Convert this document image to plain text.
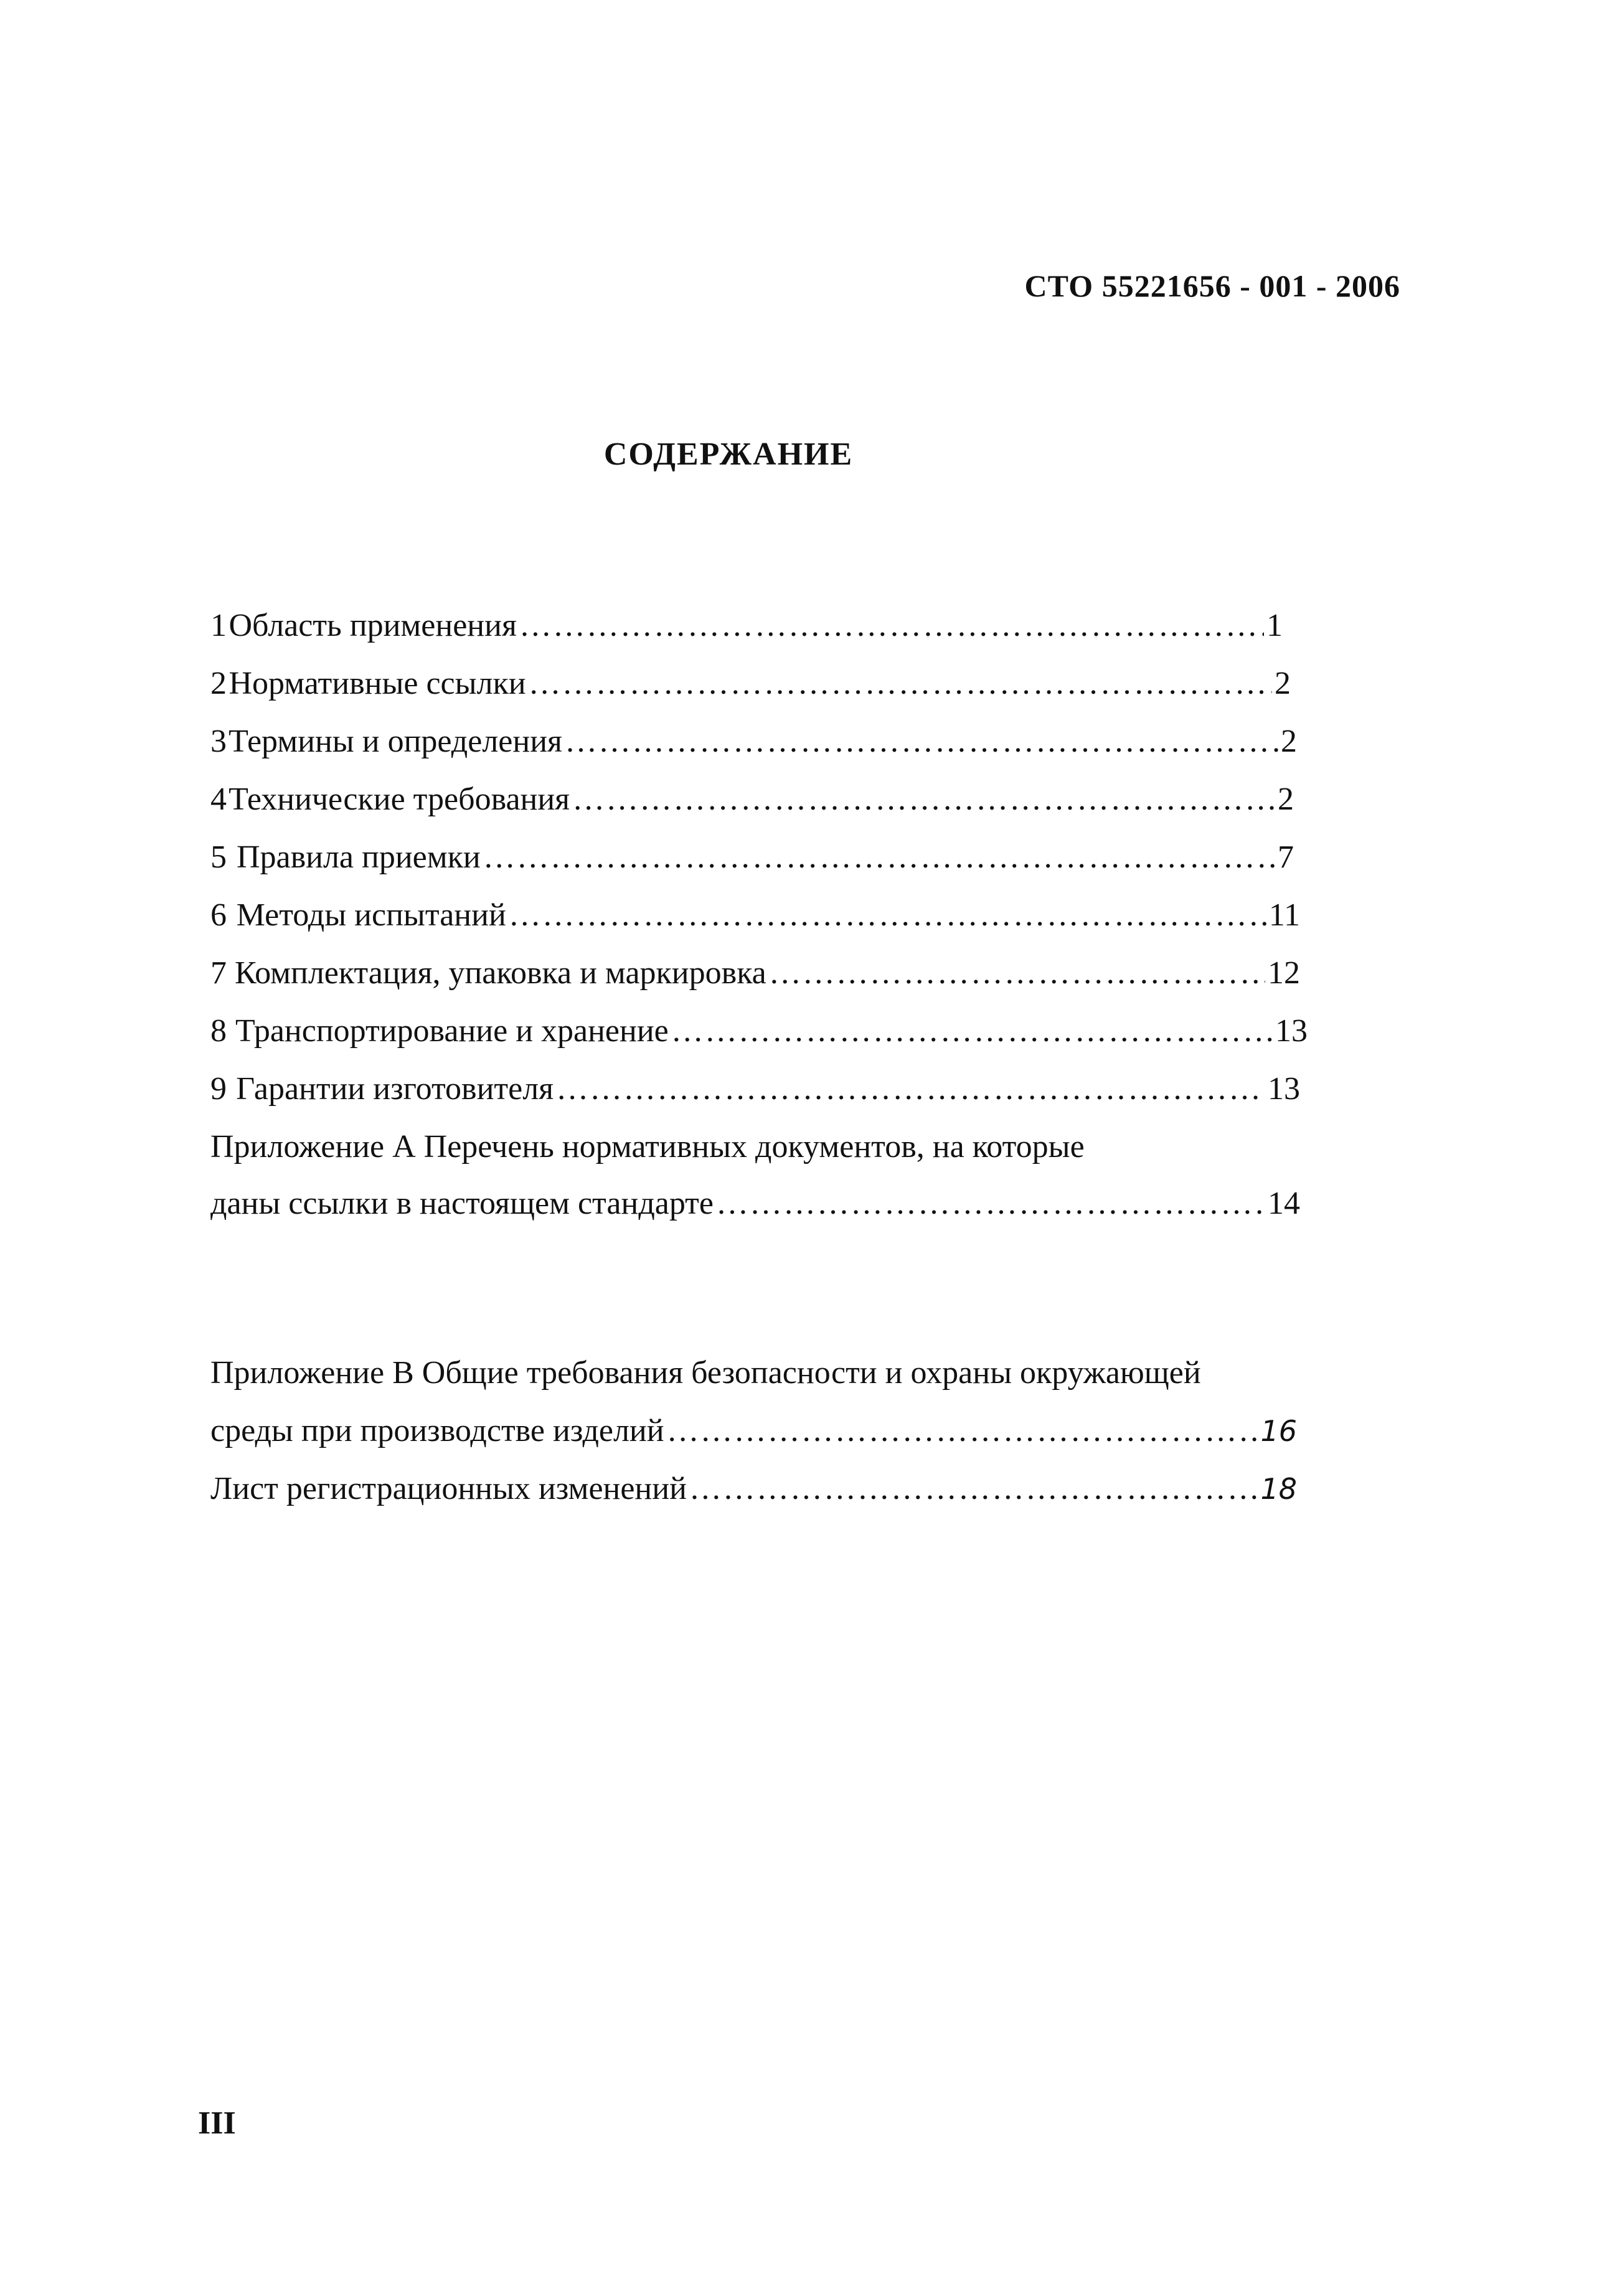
СТО 55221656 - 001 - 2006
СОДЕРЖАНИЕ
1 Область применения ……………………………………………………………………………………………………………………………………………………………………………………………………………	1
2 Нормативные ссылки ……………………………………………………………………………………………………………………………………………………………………………………………………………	2
3 Термины и определения ……………………………………………………………………………………………………………………………………………………………………………………………………………	2
4 Технические требования ……………………………………………………………………………………………………………………………………………………………………………………………………………	2
5 Правила приемки ……………………………………………………………………………………………………………………………………………………………………………………………………………	7
6 Методы испытаний ……………………………………………………………………………………………………………………………………………………………………………………………………………	11
7 Комплектация, упаковка и маркировка ……………………………………………………………………………………………………………………………………………………………………………………………………………	12
8 Транспортирование и хранение ……………………………………………………………………………………………………………………………………………………………………………………………………………	13
9 Гарантии изготовителя ……………………………………………………………………………………………………………………………………………………………………………………………………………	13
Приложение А Перечень нормативных документов, на которые
даны ссылки в настоящем стандарте ……………………………………………………………………………………………………………………………………………………………………………………………………………	14
Приложение В Общие требования безопасности и охраны окружающей
среды при производстве изделий ……………………………………………………………………………………………………………………………………………………………………………………………………………	16
Лист регистрационных изменений ……………………………………………………………………………………………………………………………………………………………………………………………………………	18
III
